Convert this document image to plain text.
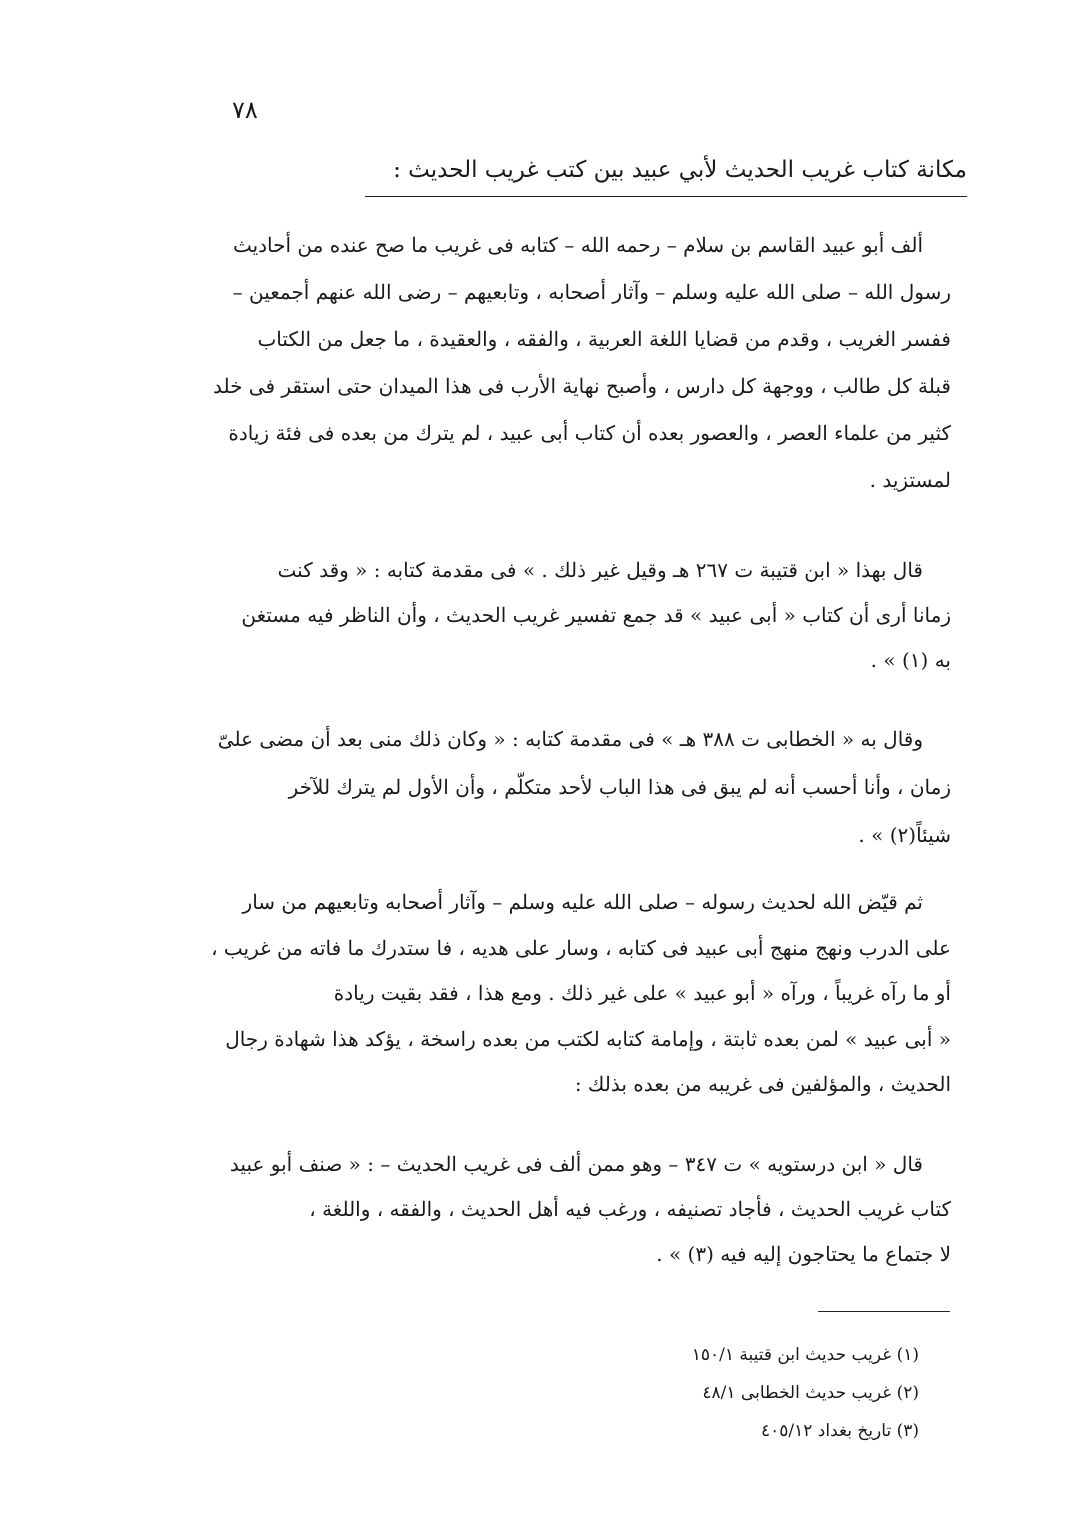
٧٨
مكانة كتاب غريب الحديث لأبي عبيد بين كتب غريب الحديث :
ألف أبو عبيد القاسم بن سلام – رحمه الله – كتابه فى غريب ما صح عنده من أحاديث
رسول الله – صلى الله عليه وسلم – وآثار أصحابه ، وتابعيهم – رضى الله عنهم أجمعين –
ففسر الغريب ، وقدم من قضايا اللغة العربية ، والفقه ، والعقيدة ، ما جعل من الكتاب
قبلة كل طالب ، ووجهة كل دارس ، وأصبح نهاية الأرب فى هذا الميدان حتى استقر فى خلد
كثير من علماء العصر ، والعصور بعده أن كتاب أبى عبيد ، لم يترك من بعده فى فئة زيادة
لمستزيد .
قال بهذا « ابن قتيبة ت ٢٦٧ هـ وقيل غير ذلك . » فى مقدمة كتابه : « وقد كنت
زمانا أرى أن كتاب « أبى عبيد » قد جمع تفسير غريب الحديث ، وأن الناظر فيه مستغن
به (١) » .
وقال به « الخطابى ت ٣٨٨ هـ » فى مقدمة كتابه : « وكان ذلك منى بعد أن مضى علىّ
زمان ، وأنا أحسب أنه لم يبق فى هذا الباب لأحد متكلّم ، وأن الأول لم يترك للآخر
شيئاً(٢) » .
ثم قيّض الله لحديث رسوله – صلى الله عليه وسلم – وآثار أصحابه وتابعيهم من سار
على الدرب ونهج منهج أبى عبيد فى كتابه ، وسار على هديه ، فا ستدرك ما فاته من غريب ،
أو ما رآه غريباً ، ورآه « أبو عبيد » على غير ذلك . ومع هذا ، فقد بقيت ريادة
« أبى عبيد » لمن بعده ثابتة ، وإمامة كتابه لكتب من بعده راسخة ، يؤكد هذا شهادة رجال
الحديث ، والمؤلفين فى غريبه من بعده بذلك :
قال « ابن درستويه » ت ٣٤٧ – وهو ممن ألف فى غريب الحديث – : « صنف أبو عبيد
كتاب غريب الحديث ، فأجاد تصنيفه ، ورغب فيه أهل الحديث ، والفقه ، واللغة ،
لا جتماع ما يحتاجون إليه فيه (٣) » .
(١) غريب حديث ابن قتيبة ١٥٠/١
(٢) غريب حديث الخطابى ٤٨/١
(٣) تاريخ بغداد ٤٠٥/١٢
